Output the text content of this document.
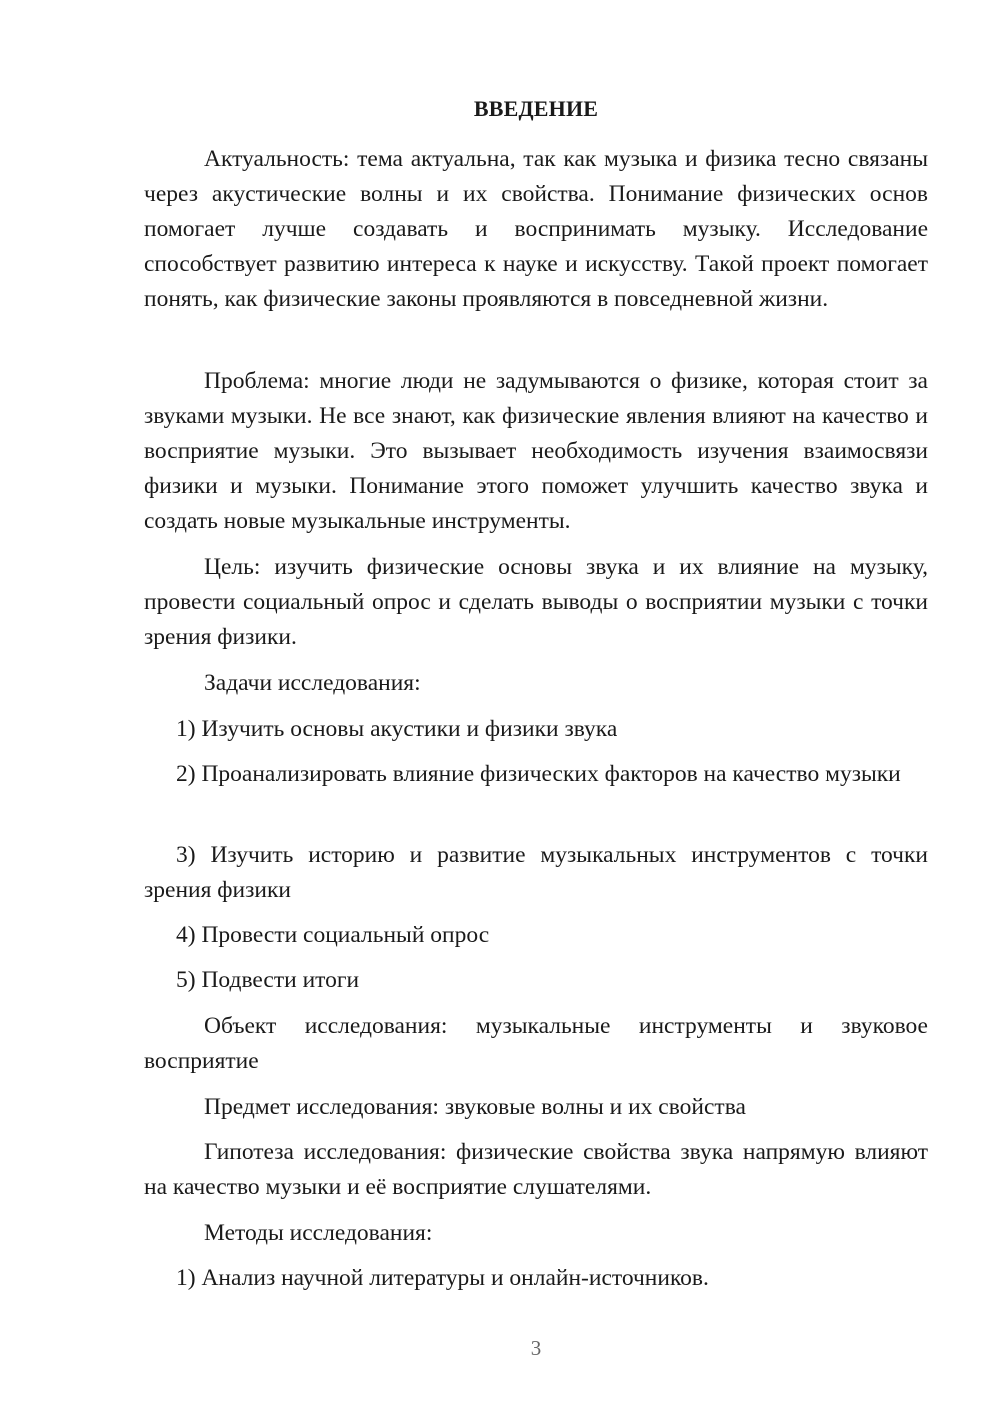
ВВЕДЕНИЕ

Актуальность: тема актуальна, так как музыка и физика тесно связаны через акустические волны и их свойства. Понимание физических основ помогает лучше создавать и воспринимать музыку. Исследование способствует развитию интереса к науке и искусству. Такой проект помогает понять, как физические законы проявляются в повседневной жизни.

Проблема: многие люди не задумываются о физике, которая стоит за звуками музыки. Не все знают, как физические явления влияют на качество и восприятие музыки. Это вызывает необходимость изучения взаимосвязи физики и музыки. Понимание этого поможет улучшить качество звука и создать новые музыкальные инструменты.

Цель: изучить физические основы звука и их влияние на музыку, провести социальный опрос и сделать выводы о восприятии музыки с точки зрения физики.

Задачи исследования:

1) Изучить основы акустики и физики звука

2) Проанализировать влияние физических факторов на качество музыки

3) Изучить историю и развитие музыкальных инструментов с точки зрения физики

4) Провести социальный опрос

5) Подвести итоги

Объект исследования: музыкальные инструменты и звуковое восприятие

Предмет исследования: звуковые волны и их свойства

Гипотеза исследования: физические свойства звука напрямую влияют на качество музыки и её восприятие слушателями.

Методы исследования:

1) Анализ научной литературы и онлайн-источников.

3
